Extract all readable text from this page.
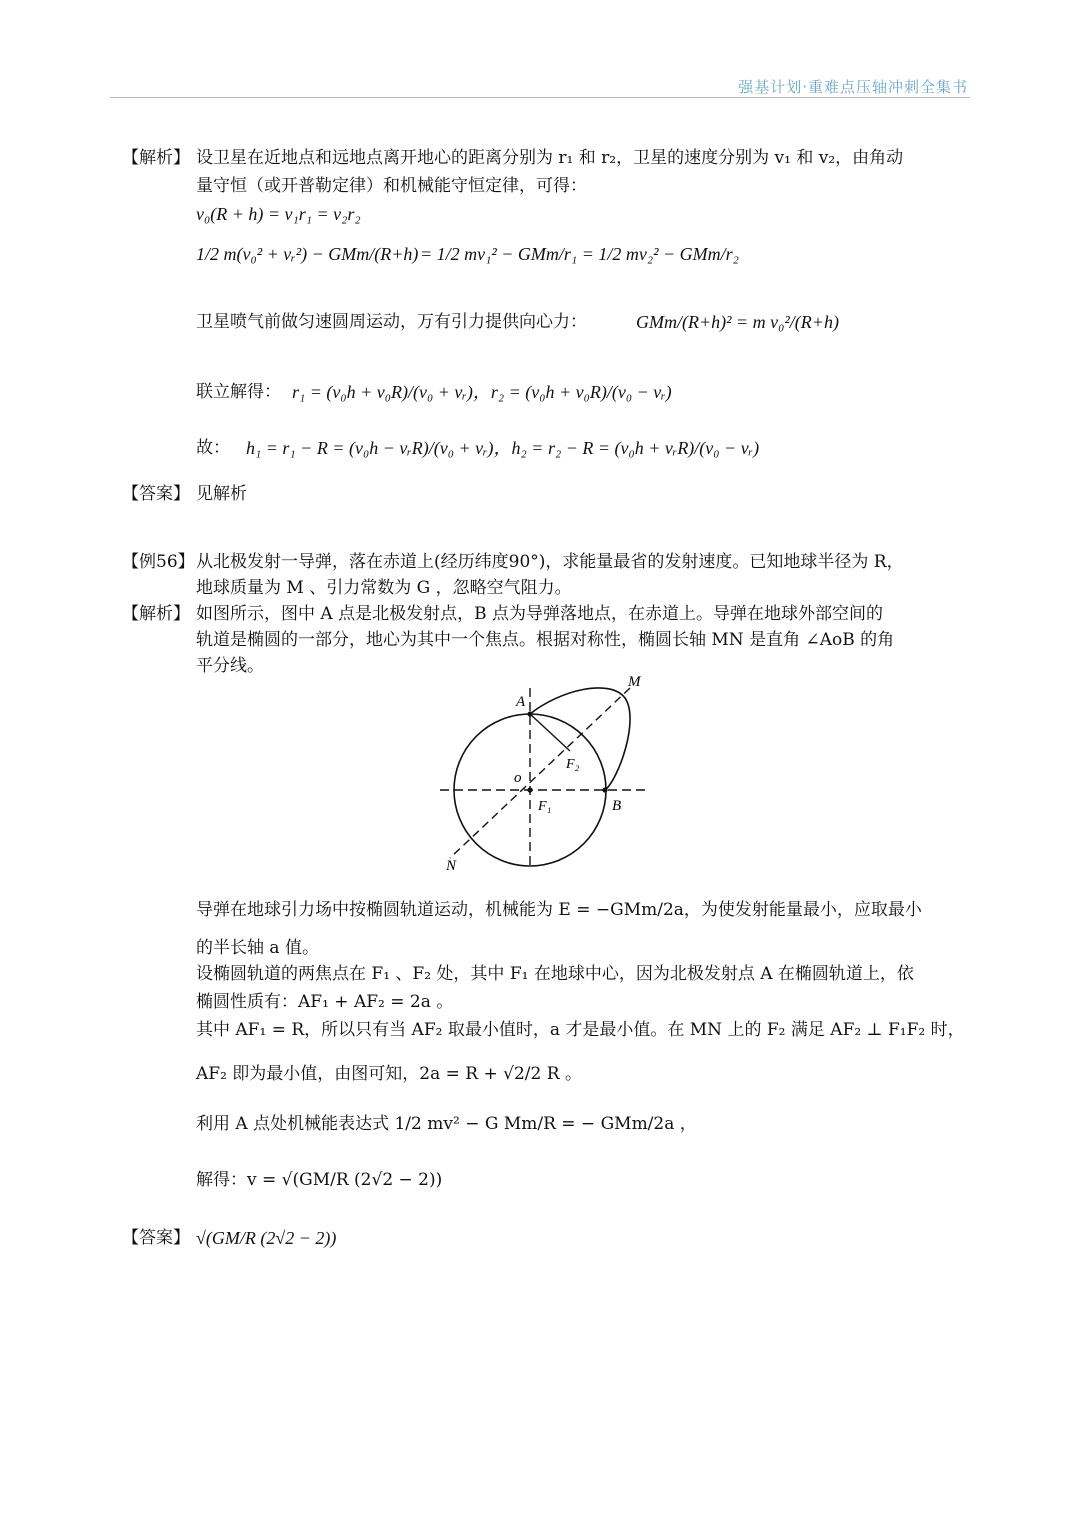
强基计划·重难点压轴冲刺全集书
【解析】 设卫星在近地点和远地点离开地心的距离分别为 r₁ 和 r₂，卫星的速度分别为 v₁ 和 v₂，由角动
量守恒（或开普勒定律）和机械能守恒定律，可得：
v₀(R + h) = v₁r₁ = v₂r₂
1/2 m(v₀² + vᵣ²) − GMm/(R+h) = 1/2 mv₁² − GMm/r₁ = 1/2 mv₂² − GMm/r₂
卫星喷气前做匀速圆周运动，万有引力提供向心力：	GMm/(R+h)² = m v₀²/(R+h)
联立解得： r₁ = (v₀h + v₀R)/(v₀ + vᵣ)，r₂ = (v₀h + v₀R)/(v₀ − vᵣ)
故： h₁ = r₁ − R = (v₀h − vᵣR)/(v₀ + vᵣ)，h₂ = r₂ − R = (v₀h + vᵣR)/(v₀ − vᵣ)
【答案】 见解析
【例56】 从北极发射一导弹，落在赤道上(经历纬度90°)，求能量最省的发射速度。已知地球半径为 R，
地球质量为 M 、引力常数为 G ，忽略空气阻力。
【解析】 如图所示，图中 A 点是北极发射点，B 点为导弹落地点，在赤道上。导弹在地球外部空间的
轨道是椭圆的一部分，地心为其中一个焦点。根据对称性，椭圆长轴 MN 是直角 ∠AoB 的角
平分线。
A
M
o
F₁
F₂
B
N
导弹在地球引力场中按椭圆轨道运动，机械能为 E = −GMm/2a，为使发射能量最小，应取最小
的半长轴 a 值。
设椭圆轨道的两焦点在 F₁ 、F₂ 处，其中 F₁ 在地球中心，因为北极发射点 A 在椭圆轨道上，依
椭圆性质有：AF₁ + AF₂ = 2a 。
其中 AF₁ = R，所以只有当 AF₂ 取最小值时，a 才是最小值。在 MN 上的 F₂ 满足 AF₂ ⊥ F₁F₂ 时，
AF₂ 即为最小值，由图可知，2a = R + √2/2 R 。
利用 A 点处机械能表达式 1/2 mv² − G Mm/R = − GMm/2a ，
解得：v = √(GM/R (2√2 − 2))
【答案】 √(GM/R (2√2 − 2))
